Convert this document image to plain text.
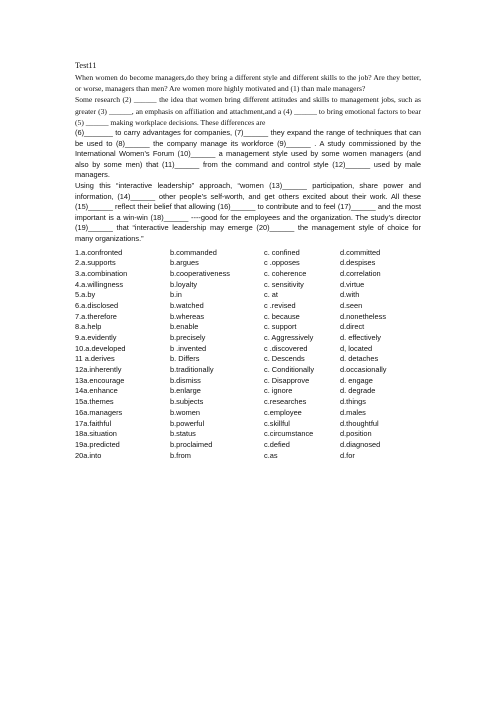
Test11

When women do become managers,do they bring a different style and different skills to the job? Are they better, or worse, managers than men? Are women more highly motivated and (1) than male managers?

Some research (2) ______ the idea that women bring different attitudes and skills to management jobs, such as greater (3) ______, an emphasis on affiliation and attachment,and a (4) ______ to bring emotional factors to bear (5) ______ making workplace decisions. These differences are

(6)_______ to carry advantages for companies, (7)______ they expand the range of techniques that can be used to (8)______ the company manage its workforce (9)______ . A study commissioned by the International Women’s Forum (10)______ a management style used by some women managers (and also by some men) that (11)______ from the command and control style (12)______ used by male managers.

Using this “interactive leadership” approach, “women (13)______ participation, share power and information, (14)______ other people’s self-worth, and get others excited about their work. All these (15)______ reflect their belief that allowing (16)______ to contribute and to feel (17)______ and the most important is a win-win (18)______ ----good for the employees and the organization. The study’s director (19)______ that “interactive leadership may emerge (20)______ the management style of choice for many organizations.”

1.a.confronted	b.commanded	c. confined	d.committed
2.a.supports	b.argues	c .opposes	d.despises
3.a.combination	b.cooperativeness	c. coherence	d.correlation
4.a.willingness	b.loyalty	c. sensitivity	d.virtue
5.a.by	b.in	c. at	d.with
6.a.disclosed	b.watched	c .revised	d.seen
7.a.therefore	b.whereas	c. because	d.nonetheless
8.a.help	b.enable	c. support	d.direct
9.a.evidently	b.precisely	c. Aggressively	d. effectively
10.a.developed	b .invented	c .discovered	d, located
11 a.derives	b. Differs	c. Descends	d. detaches
12a.inherently	b.traditionally	c. Conditionally	d.occasionally
13a.encourage	b.dismiss	c. Disapprove	d. engage
14a.enhance	b.enlarge	c. ignore	d. degrade
15a.themes	b.subjects	c.researches	d.things
16a.managers	b.women	c.employee	d.males
17a.faithful	b.powerful	c.skillful	d.thoughtful
18a.situation	b.status	c.circumstance	d.position
19a.predicted	b.proclaimed	c.defied	d.diagnosed
20a.into	b.from	c.as	d.for
